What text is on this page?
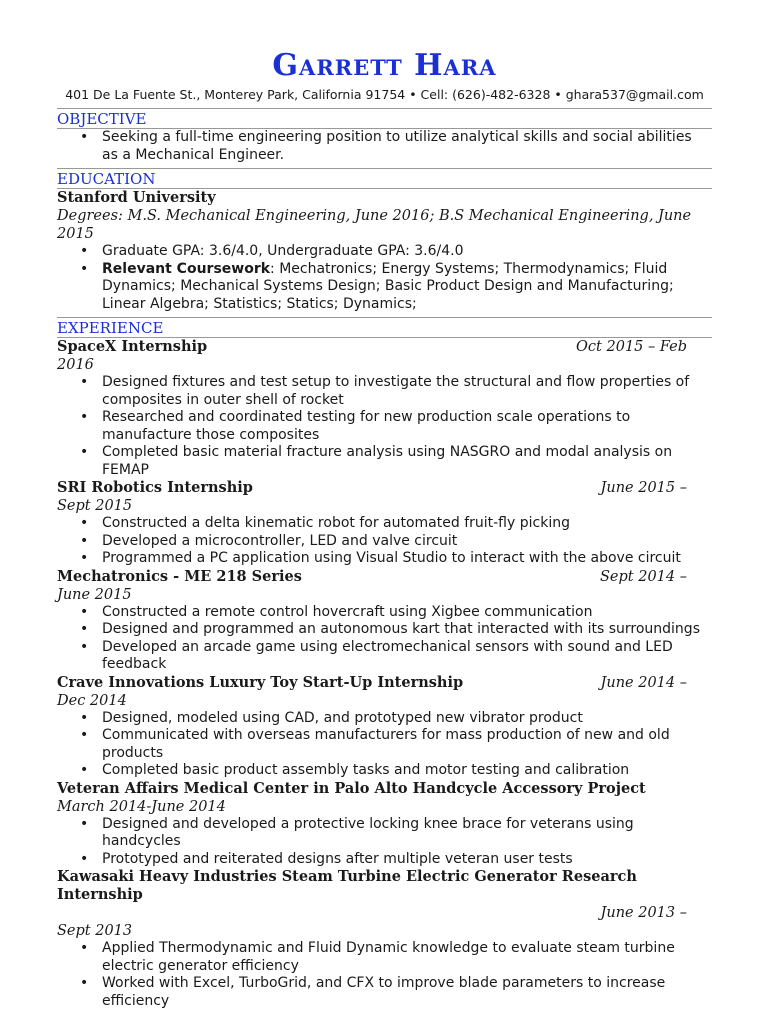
Garrett Hara
401 De La Fuente St., Monterey Park, California 91754 • Cell: (626)-482-6328 • ghara537@gmail.com
OBJECTIVE
• Seeking a full-time engineering position to utilize analytical skills and social abilities as a Mechanical Engineer.
EDUCATION
Stanford University
Degrees: M.S. Mechanical Engineering, June 2016; B.S Mechanical Engineering, June 2015
• Graduate GPA: 3.6/4.0, Undergraduate GPA: 3.6/4.0
• Relevant Coursework: Mechatronics; Energy Systems; Thermodynamics; Fluid Dynamics; Mechanical Systems Design; Basic Product Design and Manufacturing; Linear Algebra; Statistics; Statics; Dynamics;
EXPERIENCE
SpaceX Internship	Oct 2015 – Feb
2016
• Designed fixtures and test setup to investigate the structural and flow properties of composites in outer shell of rocket
• Researched and coordinated testing for new production scale operations to manufacture those composites
• Completed basic material fracture analysis using NASGRO and modal analysis on FEMAP
SRI Robotics Internship	June 2015 –
Sept 2015
• Constructed a delta kinematic robot for automated fruit-fly picking
• Developed a microcontroller, LED and valve circuit
• Programmed a PC application using Visual Studio to interact with the above circuit
Mechatronics - ME 218 Series	Sept 2014 –
June 2015
• Constructed a remote control hovercraft using Xigbee communication
• Designed and programmed an autonomous kart that interacted with its surroundings
• Developed an arcade game using electromechanical sensors with sound and LED feedback
Crave Innovations Luxury Toy Start-Up Internship	June 2014 –
Dec 2014
• Designed, modeled using CAD, and prototyped new vibrator product
• Communicated with overseas manufacturers for mass production of new and old products
• Completed basic product assembly tasks and motor testing and calibration
Veteran Affairs Medical Center in Palo Alto Handcycle Accessory Project
March 2014-June 2014
• Designed and developed a protective locking knee brace for veterans using handcycles
• Prototyped and reiterated designs after multiple veteran user tests
Kawasaki Heavy Industries Steam Turbine Electric Generator Research Internship
June 2013 –
Sept 2013
• Applied Thermodynamic and Fluid Dynamic knowledge to evaluate steam turbine electric generator efficiency
• Worked with Excel, TurboGrid, and CFX to improve blade parameters to increase efficiency
